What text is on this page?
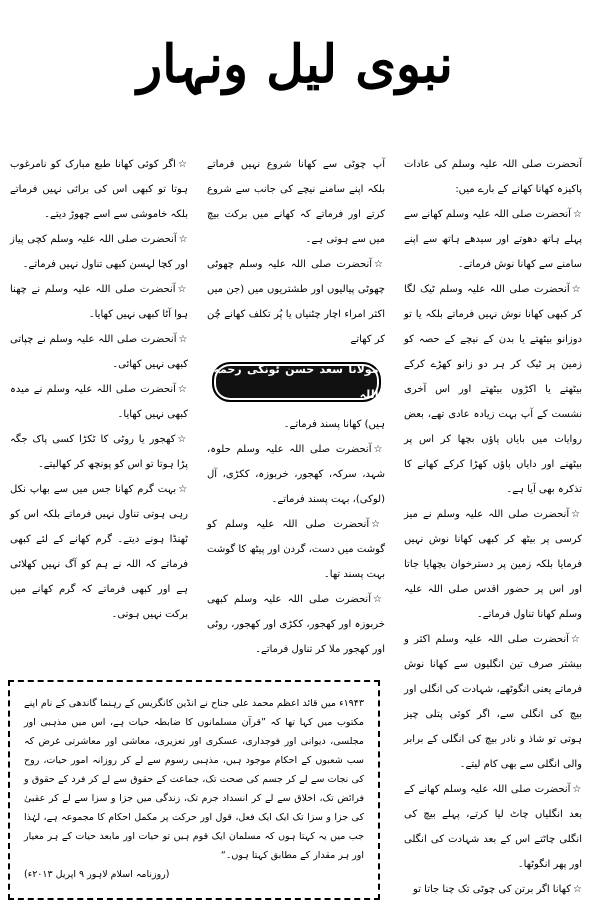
نبوی لیل ونہار

آنحضرت صلی اللہ علیہ وسلم کی عادات پاکیزہ کھانا کھانے کے بارے میں:

☆آنحضرت صلی اللہ علیہ وسلم کھانے سے پہلے ہاتھ دھوتے اور سیدھے ہاتھ سے اپنے سامنے سے کھانا نوش فرماتے۔

☆آنحضرت صلی اللہ علیہ وسلم ٹیک لگا کر کبھی کھانا نوش نہیں فرماتے بلکہ یا تو دوزانو بیٹھتے یا بدن کے نیچے کے حصہ کو زمین پر ٹیک کر ہر دو زانو کھڑے کرکے بیٹھتے یا اکڑوں بیٹھتے اور اس آخری نشست کے آپ بہت زیادہ عادی تھے، بعض روایات میں بایاں پاؤں بچھا کر اس پر بیٹھنے اور دایاں پاؤں کھڑا کرکے کھانے کا تذکرہ بھی آیا ہے۔

☆آنحضرت صلی اللہ علیہ وسلم نے میز کرسی پر بیٹھ کر کبھی کھانا نوش نہیں فرمایا بلکہ زمین پر دسترخوان بچھایا جاتا اور اس پر حضور اقدس صلی اللہ علیہ وسلم کھانا تناول فرماتے۔

☆آنحضرت صلی اللہ علیہ وسلم اکثر و بیشتر صرف تین انگلیوں سے کھانا نوش فرماتے یعنی انگوٹھے، شہادت کی انگلی اور بیچ کی انگلی سے، اگر کوئی پتلی چیز ہوتی تو شاذ و نادر بیچ کی انگلی کے برابر والی انگلی سے بھی کام لیتے۔

☆آنحضرت صلی اللہ علیہ وسلم کھانے کے بعد انگلیاں چاٹ لیا کرتے، پہلے بیچ کی انگلی چاٹتے اس کے بعد شہادت کی انگلی اور پھر انگوٹھا۔

☆کھانا اگر برتن کی چوٹی تک چنا جاتا تو

آپ چوٹی سے کھانا شروع نہیں فرماتے بلکہ اپنے سامنے نیچے کی جانب سے شروع کرتے اور فرماتے کہ کھانے میں برکت بیچ میں سے ہوتی ہے۔

☆آنحضرت صلی اللہ علیہ وسلم چھوٹی چھوٹی پیالیوں اور طشتریوں میں (جن میں اکثر امراء اچار چٹنیاں یا پُر تکلف کھانے چُن کر کھاتے

مولانا سعد حسن ٹونکی رحمہ اللہ

ہیں) کھانا پسند فرماتے۔

☆آنحضرت صلی اللہ علیہ وسلم حلوہ، شہد، سرکہ، کھجور، خربوزہ، ککڑی، آل (لوکی)، بہت پسند فرماتے۔

☆آنحضرت صلی اللہ علیہ وسلم کو گوشت میں دست، گردن اور پیٹھ کا گوشت بہت پسند تھا۔

☆آنحضرت صلی اللہ علیہ وسلم کبھی خربوزہ اور کھجور، ککڑی اور کھجور، روٹی اور کھجور ملا کر تناول فرماتے۔

☆اگر کوئی کھانا طبع مبارک کو نامرغوب ہوتا تو کبھی اس کی برائی نہیں فرماتے بلکہ خاموشی سے اسے چھوڑ دیتے۔

☆آنحضرت صلی اللہ علیہ وسلم کچی پیاز اور کچا لہسن کبھی تناول نہیں فرماتے۔

☆آنحضرت صلی اللہ علیہ وسلم نے چھنا ہوا آٹا کبھی نہیں کھایا۔

☆آنحضرت صلی اللہ علیہ وسلم نے چپاتی کبھی نہیں کھائی۔

☆آنحضرت صلی اللہ علیہ وسلم نے میدہ کبھی نہیں کھایا۔

☆کھجور یا روٹی کا ٹکڑا کسی پاک جگہ پڑا ہوتا تو اس کو پونچھ کر کھالیتے۔

☆بہت گرم کھانا جس میں سے بھاپ نکل رہی ہوتی تناول نہیں فرماتے بلکہ اس کو ٹھنڈا ہونے دیتے۔ گرم کھانے کے لئے کبھی فرماتے کہ اللہ نے ہم کو آگ نہیں کھلائی ہے اور کبھی فرماتے کہ گرم کھانے میں برکت نہیں ہوتی۔

۱۹۴۳ء میں قائد اعظم محمد علی جناح نے انڈین کانگریس کے رہنما گاندھی کے نام اپنے مکتوب میں کہا تھا کہ ”قرآن مسلمانوں کا ضابطہ حیات ہے، اس میں مذہبی اور مجلسی، دیوانی اور فوجداری، عسکری اور تعزیری، معاشی اور معاشرتی غرض کہ سب شعبوں کے احکام موجود ہیں، مذہبی رسوم سے لے کر روزانہ امور حیات، روح کی نجات سے لے کر جسم کی صحت تک، جماعت کے حقوق سے لے کر فرد کے حقوق و فرائض تک، اخلاق سے لے کر انسداد جرم تک، زندگی میں جزا و سزا سے لے کر عقبیٰ کی جزا و سزا تک ایک ایک فعل، قول اور حرکت پر مکمل احکام کا مجموعہ ہے، لہٰذا جب میں یہ کہتا ہوں کہ مسلمان ایک قوم ہیں تو حیات اور مابعد حیات کے ہر معیار اور ہر مقدار کے مطابق کہتا ہوں۔“
(روزنامہ اسلام لاہور ۹ اپریل ۲۰۱۳ء)
